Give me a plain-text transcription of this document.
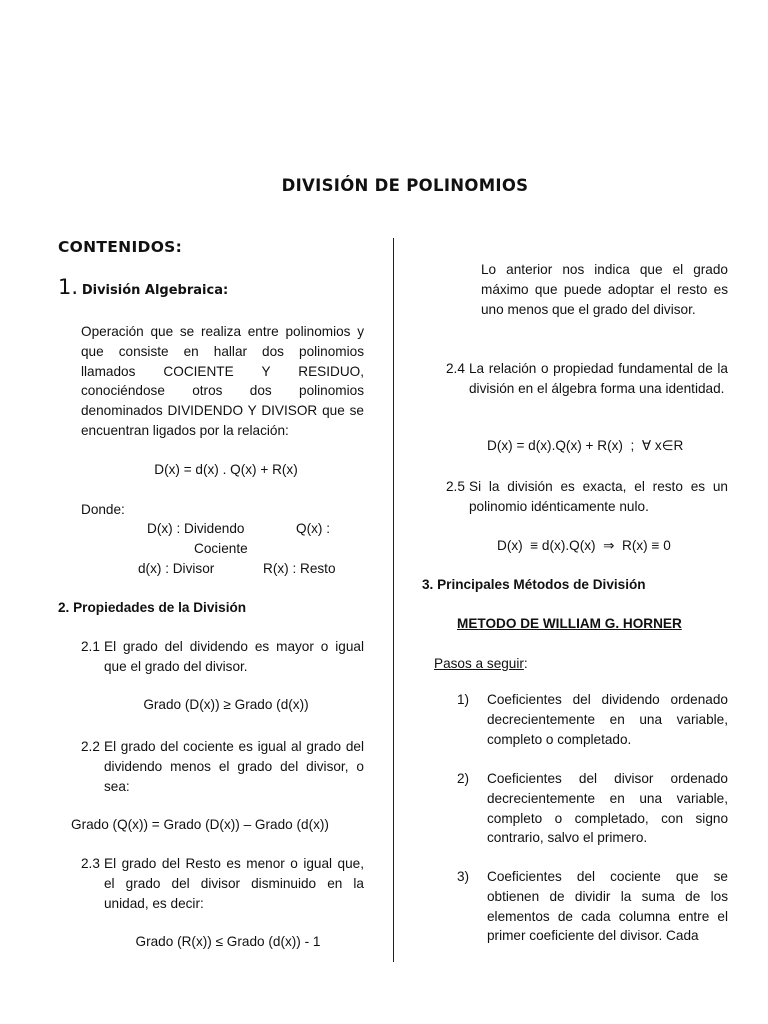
DIVISIÓN DE POLINOMIOS
CONTENIDOS:
1. División Algebraica:
Operación que se realiza entre polinomios y que consiste en hallar dos polinomios llamados COCIENTE Y RESIDUO, conociéndose otros dos polinomios denominados DIVIDENDO Y DIVISOR que se encuentran ligados por la relación:
D(x) = d(x) . Q(x) + R(x)
Donde:
D(x) : Dividendo	Q(x) :
Cociente
d(x) : Divisor	R(x) : Resto
2. Propiedades de la División
2.1 El grado del dividendo es mayor o igual que el grado del divisor.
Grado (D(x)) ≥ Grado (d(x))
2.2 El grado del cociente es igual al grado del dividendo menos el grado del divisor, o sea:
Grado (Q(x)) = Grado (D(x)) – Grado (d(x))
2.3 El grado del Resto es menor o igual que, el grado del divisor disminuido en la unidad, es decir:
Grado (R(x)) ≤ Grado (d(x)) - 1
Lo anterior nos indica que el grado máximo que puede adoptar el resto es uno menos que el grado del divisor.
2.4 La relación o propiedad fundamental de la división en el álgebra forma una identidad.
D(x) = d(x).Q(x) + R(x)  ;  ∀ x∈R
2.5 Si la división es exacta, el resto es un polinomio idénticamente nulo.
D(x)  ≡ d(x).Q(x)  ⇒  R(x) ≡ 0
3. Principales Métodos de División
METODO DE WILLIAM G. HORNER
Pasos a seguir:
1)	Coeficientes del dividendo ordenado decrecientemente en una variable, completo o completado.
2)	Coeficientes del divisor ordenado decrecientemente en una variable, completo o completado, con signo contrario, salvo el primero.
3)	Coeficientes del cociente que se obtienen de dividir la suma de los elementos de cada columna entre el primer coeficiente del divisor. Cada
